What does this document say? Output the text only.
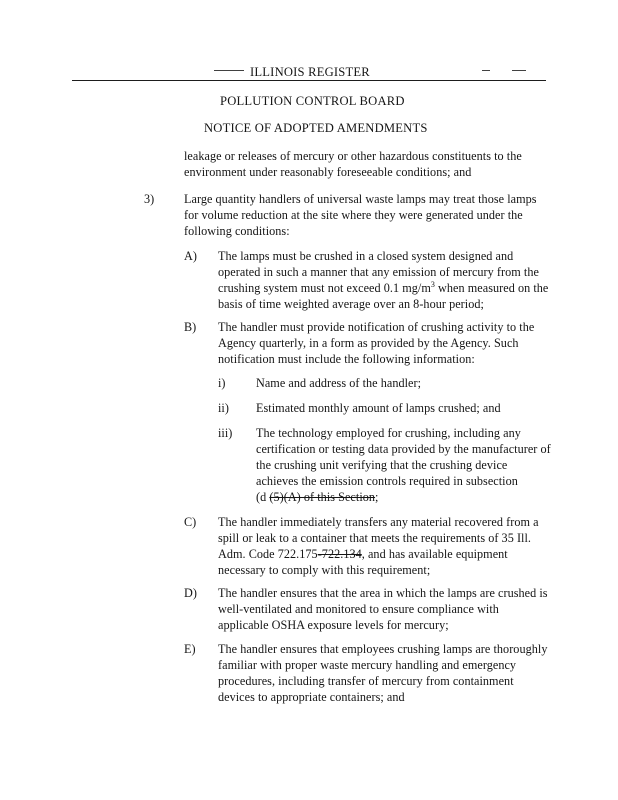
ILLINOIS REGISTER
POLLUTION CONTROL BOARD
NOTICE OF ADOPTED AMENDMENTS
leakage or releases of mercury or other hazardous constituents to the
environment under reasonably foreseeable conditions; and
3) Large quantity handlers of universal waste lamps may treat those lamps
for volume reduction at the site where they were generated under the
following conditions:
A) The lamps must be crushed in a closed system designed and
operated in such a manner that any emission of mercury from the
crushing system must not exceed 0.1 $mg/m^3$ when measured on the
basis of time weighted average over an 8-hour period;
B) The handler must provide notification of crushing activity to the
Agency quarterly, in a form as provided by the Agency. Such
notification must include the following information:
i) Name and address of the handler;
ii) Estimated monthly amount of lamps crushed; and
iii) The technology employed for crushing, including any
certification or testing data provided by the manufacturer of
the crushing unit verifying that the crushing device
achieves the emission controls required in subsection
(d (5)(A) of this Section;
C) The handler immediately transfers any material recovered from a
spill or leak to a container that meets the requirements of 35 Ill.
Adm. Code 722.175-722.134, and has available equipment
necessary to comply with this requirement;
D) The handler ensures that the area in which the lamps are crushed is
well-ventilated and monitored to ensure compliance with
applicable OSHA exposure levels for mercury;
E) The handler ensures that employees crushing lamps are thoroughly
familiar with proper waste mercury handling and emergency
procedures, including transfer of mercury from containment
devices to appropriate containers; and
